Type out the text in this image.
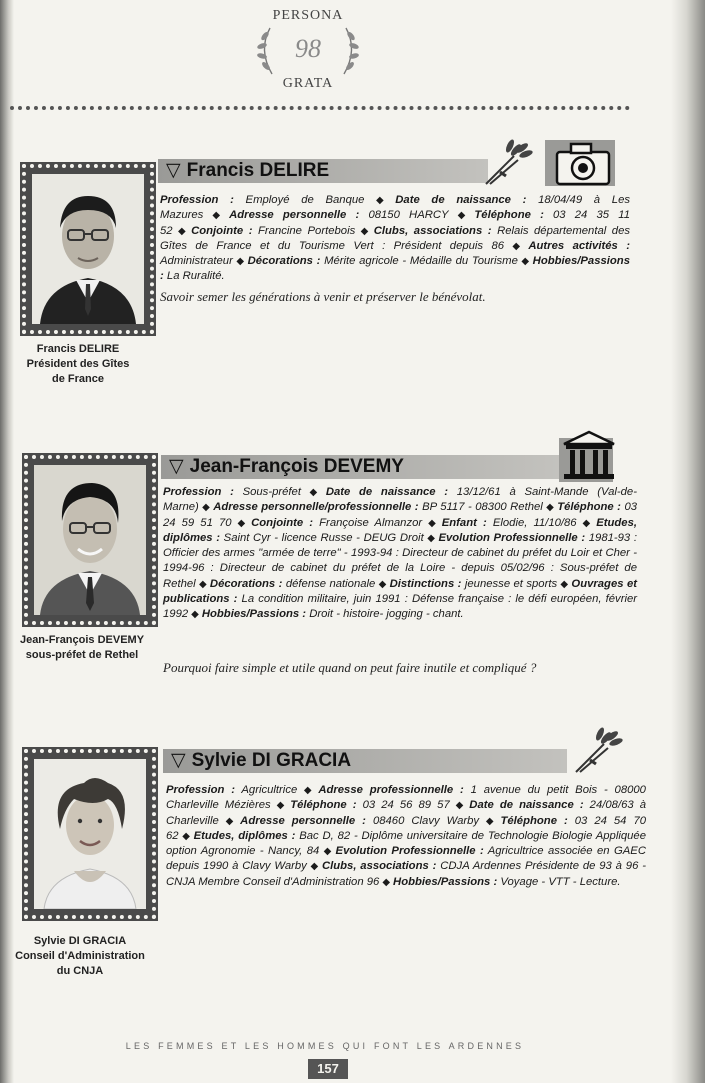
PERSONA
98
GRATA
Francis DELIRE
Président des Gîtes
de France
▽ Francis DELIRE
Profession : Employé de Banque ◆ Date de naissance : 18/04/49 à Les Mazures ◆ Adresse personnelle : 08150 HARCY ◆ Téléphone : 03 24 35 11 52 ◆ Conjointe : Francine Portebois ◆ Clubs, associations : Relais départemental des Gîtes de France et du Tourisme Vert : Président depuis 86 ◆ Autres activités : Administrateur ◆ Décorations : Mérite agricole - Médaille du Tourisme ◆ Hobbies/Passions : La Ruralité.
Savoir semer les générations à venir et préserver le bénévolat.
Jean-François DEVEMY
sous-préfet de Rethel
▽ Jean-François DEVEMY
Profession : Sous-préfet ◆ Date de naissance : 13/12/61 à Saint-Mande (Val-de-Marne) ◆ Adresse personnelle/professionnelle : BP 5117 - 08300 Rethel ◆ Téléphone : 03 24 59 51 70 ◆ Conjointe : Françoise Almanzor ◆ Enfant : Elodie, 11/10/86 ◆ Etudes, diplômes : Saint Cyr - licence Russe - DEUG Droit ◆ Evolution Professionnelle : 1981-93 : Officier des armes "armée de terre" - 1993-94 : Directeur de cabinet du préfet du Loir et Cher - 1994-96 : Directeur de cabinet du préfet de la Loire - depuis 05/02/96 : Sous-préfet de Rethel ◆ Décorations : défense nationale ◆ Distinctions : jeunesse et sports ◆ Ouvrages et publications : La condition militaire, juin 1991 : Défense française : le défi européen, février 1992 ◆ Hobbies/Passions : Droit - histoire- jogging - chant.
Pourquoi faire simple et utile quand on peut faire inutile et compliqué ?
Sylvie DI GRACIA
Conseil d'Administration
du CNJA
▽ Sylvie DI GRACIA
Profession : Agricultrice ◆ Adresse professionnelle : 1 avenue du petit Bois - 08000 Charleville Mézières ◆ Téléphone : 03 24 56 89 57 ◆ Date de naissance : 24/08/63 à Charleville ◆ Adresse personnelle : 08460 Clavy Warby ◆ Téléphone : 03 24 54 70 62 ◆ Etudes, diplômes : Bac D, 82 - Diplôme universitaire de Technologie Biologie Appliquée option Agronomie - Nancy, 84 ◆ Evolution Professionnelle : Agricultrice associée en GAEC depuis 1990 à Clavy Warby ◆ Clubs, associations : CDJA Ardennes Présidente de 93 à 96 - CNJA Membre Conseil d'Administration 96 ◆ Hobbies/Passions : Voyage - VTT - Lecture.
LES FEMMES ET LES HOMMES QUI FONT LES ARDENNES
157
